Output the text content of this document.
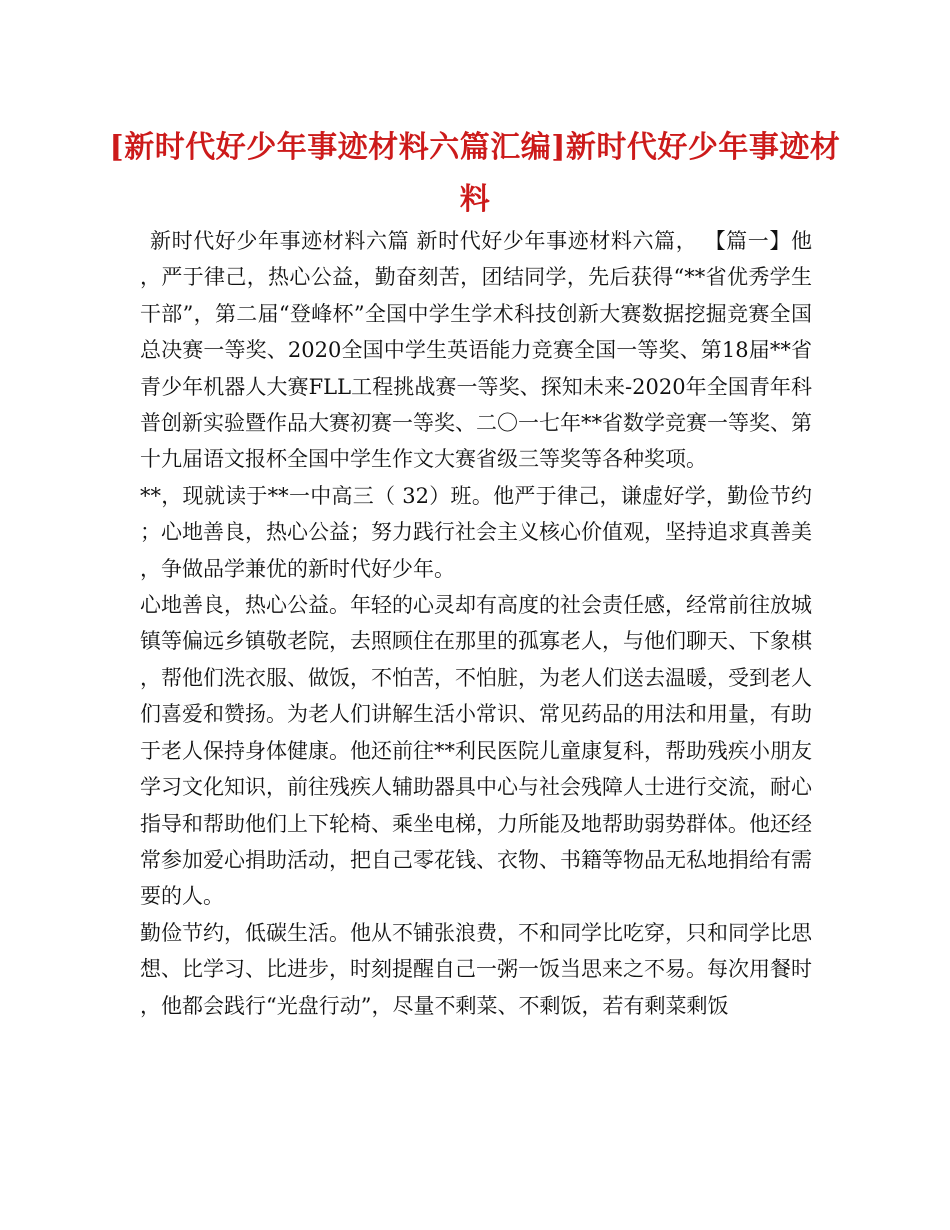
[新时代好少年事迹材料六篇汇编]新时代好少年事迹材料

新时代好少年事迹材料六篇 新时代好少年事迹材料六篇， 【篇一】他，严于律己，热心公益，勤奋刻苦，团结同学，先后获得“**省优秀学生干部”，第二届“登峰杯”全国中学生学术科技创新大赛数据挖掘竞赛全国总决赛一等奖、2020全国中学生英语能力竞赛全国一等奖、第18届**省青少年机器人大赛FLL工程挑战赛一等奖、探知未来-2020年全国青年科普创新实验暨作品大赛初赛一等奖、二〇一七年**省数学竞赛一等奖、第十九届语文报杯全国中学生作文大赛省级三等奖等各种奖项。

**，现就读于**一中高三（ 32）班。他严于律己，谦虚好学，勤俭节约；心地善良，热心公益；努力践行社会主义核心价值观，坚持追求真善美，争做品学兼优的新时代好少年。

心地善良，热心公益。年轻的心灵却有高度的社会责任感，经常前往放城镇等偏远乡镇敬老院，去照顾住在那里的孤寡老人，与他们聊天、下象棋，帮他们洗衣服、做饭，不怕苦，不怕脏，为老人们送去温暖，受到老人们喜爱和赞扬。为老人们讲解生活小常识、常见药品的用法和用量，有助于老人保持身体健康。他还前往**利民医院儿童康复科，帮助残疾小朋友学习文化知识，前往残疾人辅助器具中心与社会残障人士进行交流，耐心指导和帮助他们上下轮椅、乘坐电梯，力所能及地帮助弱势群体。他还经常参加爱心捐助活动，把自己零花钱、衣物、书籍等物品无私地捐给有需要的人。

勤俭节约，低碳生活。他从不铺张浪费，不和同学比吃穿，只和同学比思想、比学习、比进步，时刻提醒自己一粥一饭当思来之不易。每次用餐时，他都会践行“光盘行动”，尽量不剩菜、不剩饭，若有剩菜剩饭
